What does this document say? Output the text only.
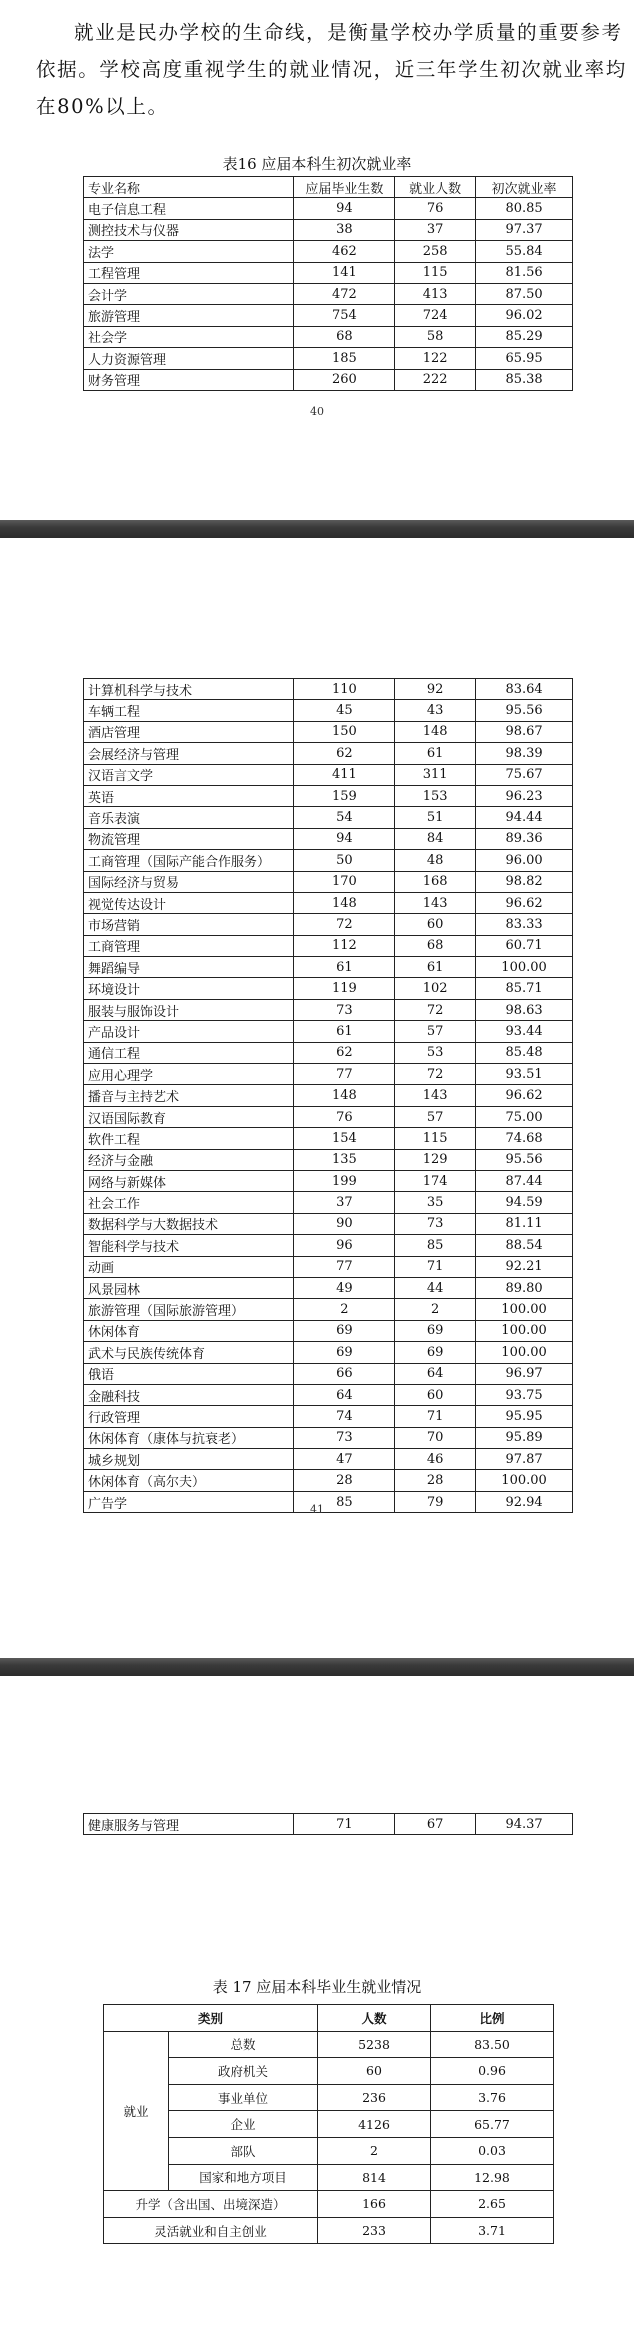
就业是民办学校的生命线，是衡量学校办学质量的重要参考依据。学校高度重视学生的就业情况，近三年学生初次就业率均在80%以上。

表16 应届本科生初次就业率
专业名称	应届毕业生数	就业人数	初次就业率
电子信息工程	94	76	80.85
测控技术与仪器	38	37	97.37
法学	462	258	55.84
工程管理	141	115	81.56
会计学	472	413	87.50
旅游管理	754	724	96.02
社会学	68	58	85.29
人力资源管理	185	122	65.95
财务管理	260	222	85.38
40
计算机科学与技术	110	92	83.64
车辆工程	45	43	95.56
酒店管理	150	148	98.67
会展经济与管理	62	61	98.39
汉语言文学	411	311	75.67
英语	159	153	96.23
音乐表演	54	51	94.44
物流管理	94	84	89.36
工商管理（国际产能合作服务）	50	48	96.00
国际经济与贸易	170	168	98.82
视觉传达设计	148	143	96.62
市场营销	72	60	83.33
工商管理	112	68	60.71
舞蹈编导	61	61	100.00
环境设计	119	102	85.71
服装与服饰设计	73	72	98.63
产品设计	61	57	93.44
通信工程	62	53	85.48
应用心理学	77	72	93.51
播音与主持艺术	148	143	96.62
汉语国际教育	76	57	75.00
软件工程	154	115	74.68
经济与金融	135	129	95.56
网络与新媒体	199	174	87.44
社会工作	37	35	94.59
数据科学与大数据技术	90	73	81.11
智能科学与技术	96	85	88.54
动画	77	71	92.21
风景园林	49	44	89.80
旅游管理（国际旅游管理）	2	2	100.00
休闲体育	69	69	100.00
武术与民族传统体育	69	69	100.00
俄语	66	64	96.97
金融科技	64	60	93.75
行政管理	74	71	95.95
休闲体育（康体与抗衰老）	73	70	95.89
城乡规划	47	46	97.87
休闲体育（高尔夫）	28	28	100.00
广告学	85	79	92.94
41
健康服务与管理	71	67	94.37
表 17 应届本科毕业生就业情况
类别		人数	比例
就业	总数	5238	83.50
	政府机关	60	0.96
	事业单位	236	3.76
	企业	4126	65.77
	部队	2	0.03
	国家和地方项目	814	12.98
升学（含出国、出境深造）		166	2.65
灵活就业和自主创业		233	3.71
